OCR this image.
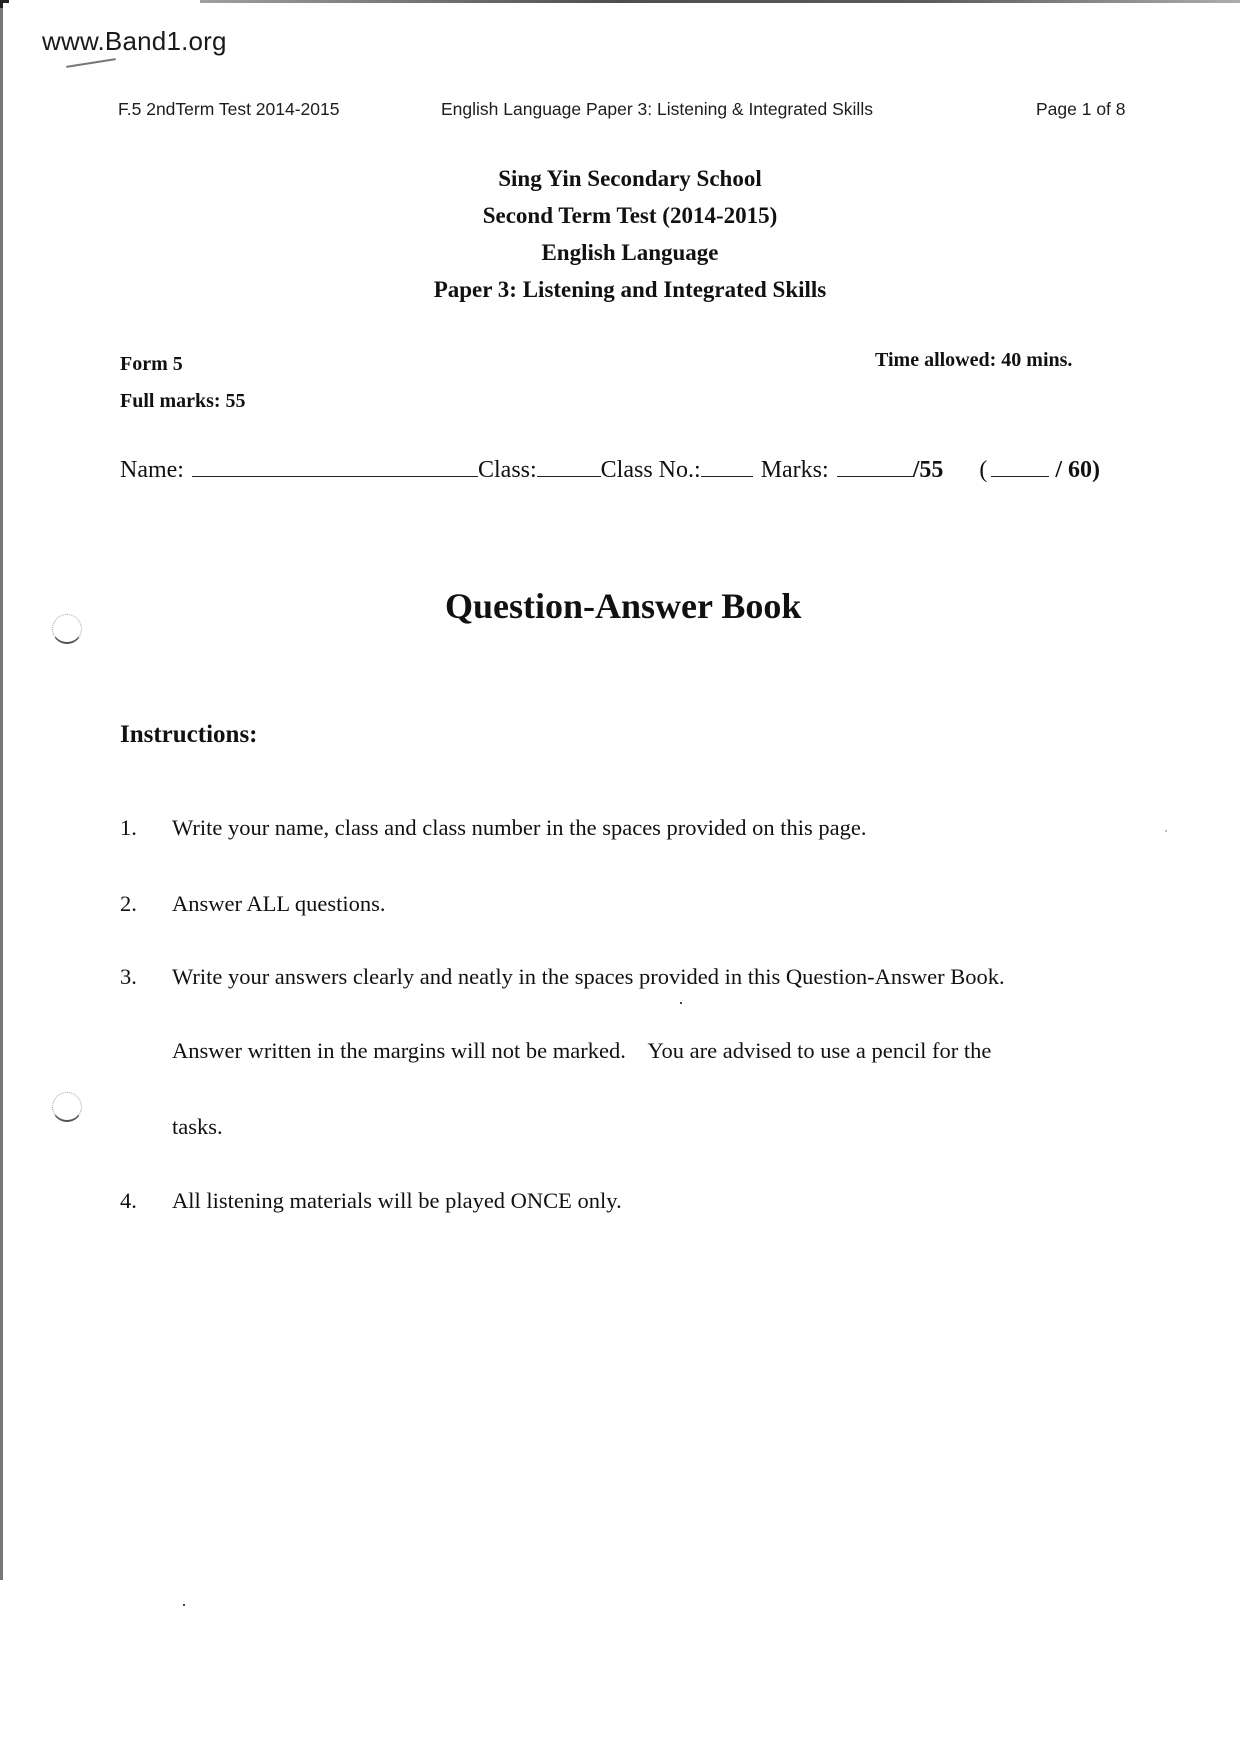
www.Band1.org
F.5 2ndTerm Test 2014-2015	English Language Paper 3: Listening & Integrated Skills	Page 1 of 8
Sing Yin Secondary School
Second Term Test (2014-2015)
English Language
Paper 3: Listening and Integrated Skills
Form 5
Full marks: 55
Time allowed: 40 mins.
Name:	Class:	Class No.:	Marks:	/55 (	/ 60)
Question-Answer Book
Instructions:
1. Write your name, class and class number in the spaces provided on this page.
2. Answer ALL questions.
3. Write your answers clearly and neatly in the spaces provided in this Question-Answer Book.
Answer written in the margins will not be marked.    You are advised to use a pencil for the
tasks.
4. All listening materials will be played ONCE only.
